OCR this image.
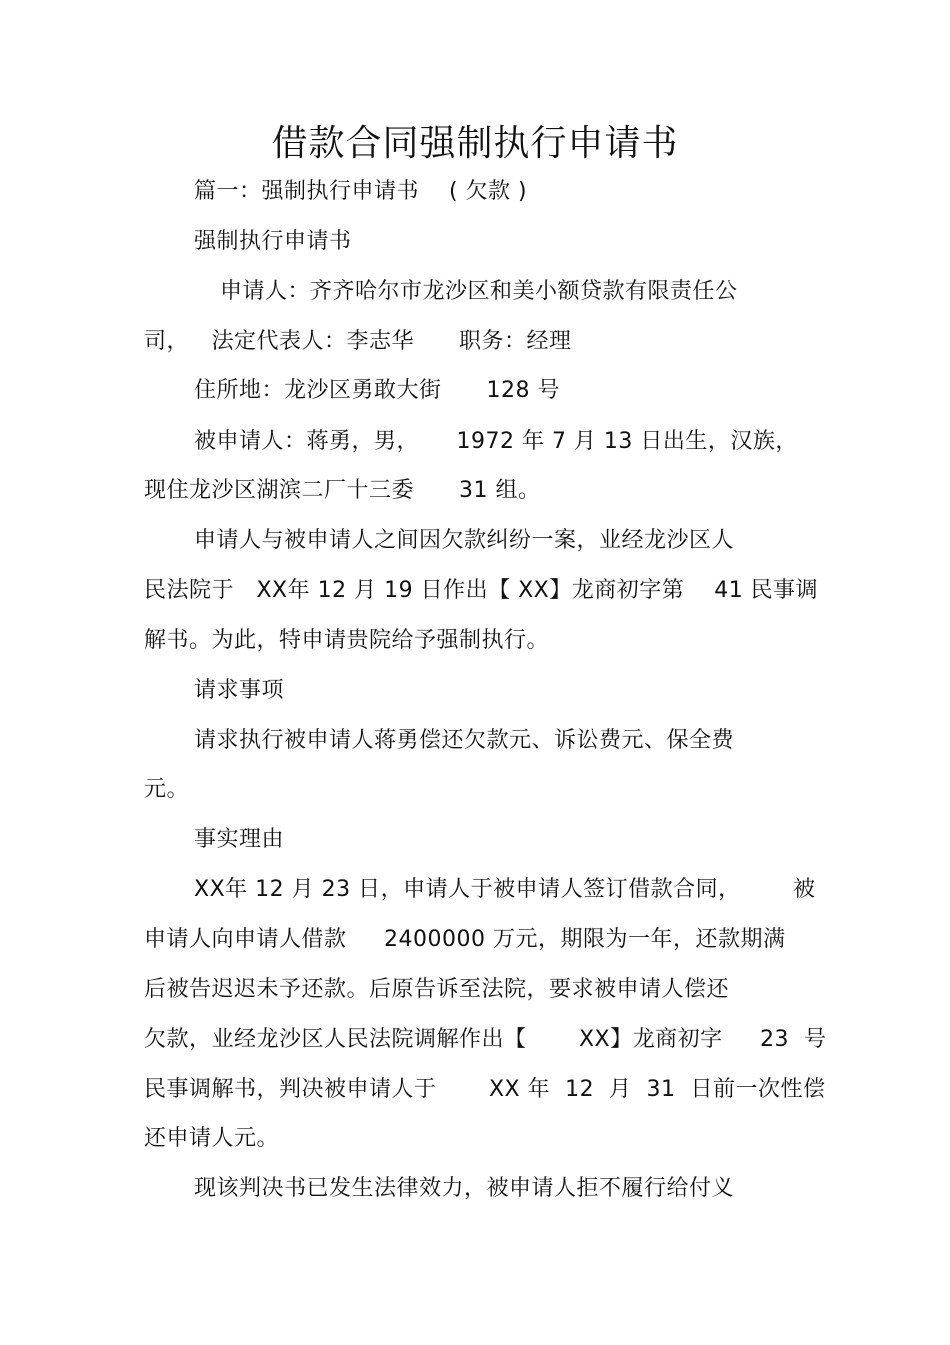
借款合同强制执行申请书
篇一：强制执行申请书    ( 欠款 )
强制执行申请书
申请人：齐齐哈尔市龙沙区和美小额贷款有限责任公
司，   法定代表人：李志华      职务：经理
住所地：龙沙区勇敢大街      128 号
被申请人：蒋勇，男，     1972 年 7 月 13 日出生，汉族，
现住龙沙区湖滨二厂十三委      31 组。
申请人与被申请人之间因欠款纠纷一案，业经龙沙区人
民法院于   XX年 12 月 19 日作出【 XX】龙商初字第    41 民事调
解书。为此，特申请贵院给予强制执行。
请求事项
请求执行被申请人蒋勇偿还欠款元、诉讼费元、保全费
元。
事实理由
XX年 12 月 23 日，申请人于被申请人签订借款合同，       被
申请人向申请人借款     2400000 万元，期限为一年，还款期满
后被告迟迟未予还款。后原告诉至法院，要求被申请人偿还
欠款，业经龙沙区人民法院调解作出【       XX】龙商初字     23  号
民事调解书，判决被申请人于       XX 年  12  月  31  日前一次性偿
还申请人元。
现该判决书已发生法律效力，被申请人拒不履行给付义
